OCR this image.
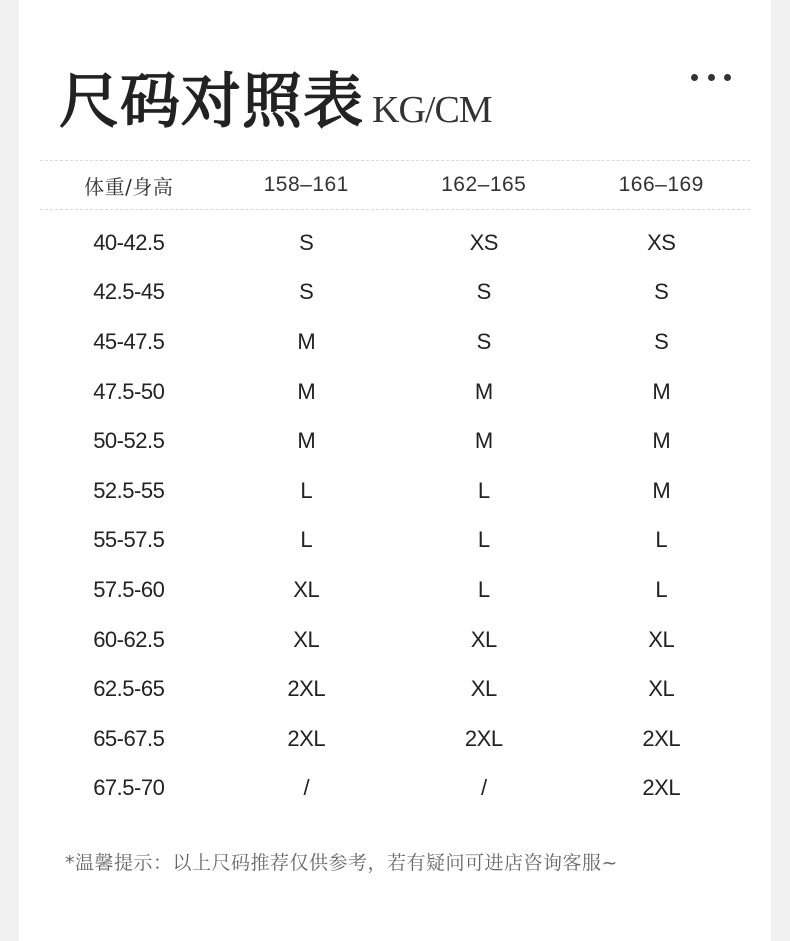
尺码对照表 KG/CM
体重/身高	158–161	162–165	166–169
40-42.5	S	XS	XS
42.5-45	S	S	S
45-47.5	M	S	S
47.5-50	M	M	M
50-52.5	M	M	M
52.5-55	L	L	M
55-57.5	L	L	L
57.5-60	XL	L	L
60-62.5	XL	XL	XL
62.5-65	2XL	XL	XL
65-67.5	2XL	2XL	2XL
67.5-70	/	/	2XL
*温馨提示：以上尺码推荐仅供参考，若有疑问可进店咨询客服~
